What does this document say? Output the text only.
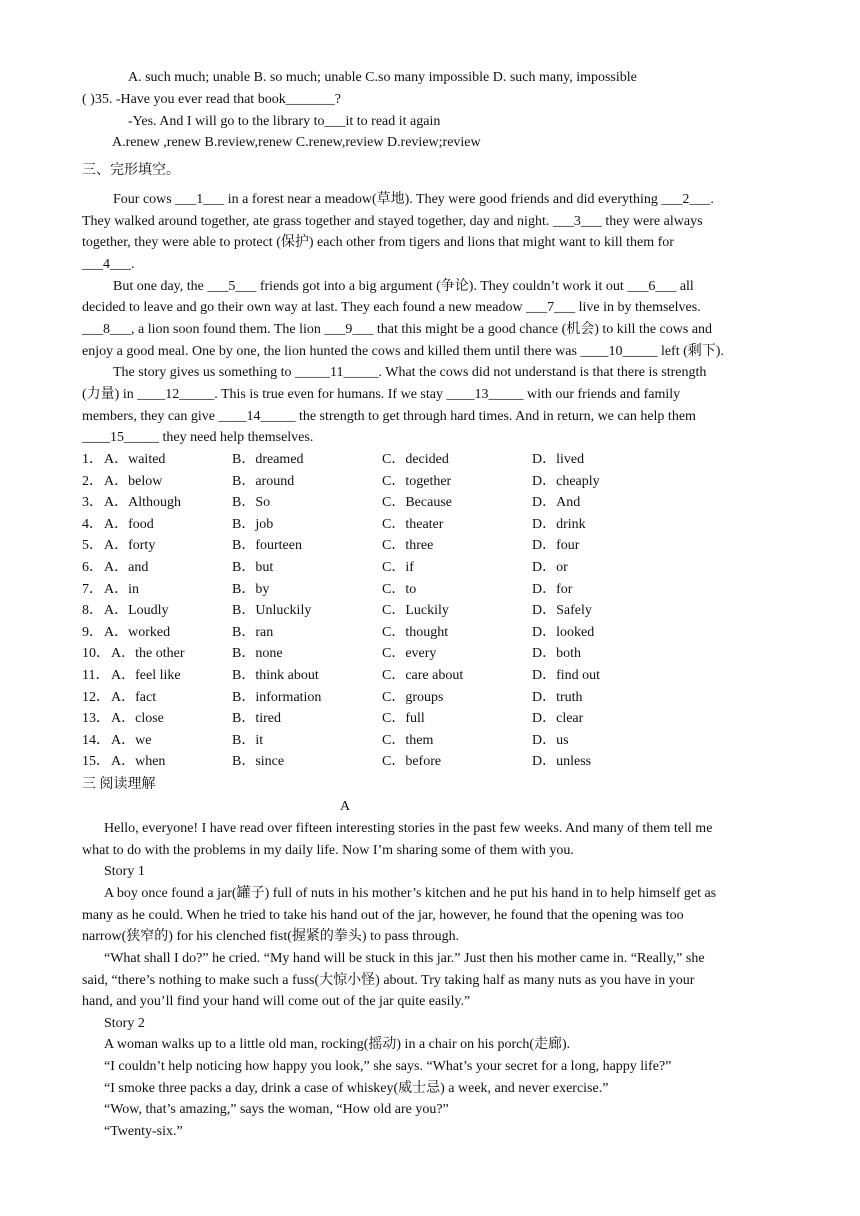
A. such much; unable B. so much; unable C.so many impossible D. such many, impossible
( )35. -Have you ever read that book_______?
-Yes. And I will go to the library to___it to read it again
A.renew ,renew B.review,renew C.renew,review D.review;review
三、完形填空。
Four cows ___1___ in a forest near a meadow(草地). They were good friends and did everything ___2___.
They walked around together, ate grass together and stayed together, day and night. ___3___ they were always
together, they were able to protect (保护) each other from tigers and lions that might want to kill them for
___4___.
But one day, the ___5___ friends got into a big argument (争论). They couldn’t work it out ___6___ all
decided to leave and go their own way at last. They each found a new meadow ___7___ live in by themselves.
___8___, a lion soon found them. The lion ___9___ that this might be a good chance (机会) to kill the cows and
enjoy a good meal. One by one, the lion hunted the cows and killed them until there was ____10_____ left (剩下).
The story gives us something to _____11_____. What the cows did not understand is that there is strength
(力量) in ____12_____. This is true even for humans. If we stay ____13_____ with our friends and family
members, they can give ____14_____ the strength to get through hard times. And in return, we can help them
____15_____ they need help themselves.
1． A．waited	B．dreamed	C．decided	D．lived
2． A．below	B．around	C．together	D．cheaply
3． A．Although	B．So	C．Because	D．And
4． A．food	B．job	C．theater	D．drink
5． A．forty	B．fourteen	C．three	D．four
6． A．and	B．but	C．if	D．or
7． A．in	B．by	C．to	D．for
8． A．Loudly	B．Unluckily	C．Luckily	D．Safely
9． A．worked	B．ran	C．thought	D．looked
10． A．the other	B．none	C．every	D．both
11． A．feel like	B．think about	C．care about	D．find out
12． A．fact	B．information	C．groups	D．truth
13． A．close	B．tired	C．full	D．clear
14． A．we	B．it	C．them	D．us
15． A．when	B．since	C．before	D．unless
三 阅读理解
A
Hello, everyone! I have read over fifteen interesting stories in the past few weeks. And many of them tell me
what to do with the problems in my daily life. Now I’m sharing some of them with you.
Story 1
A boy once found a jar(罐子) full of nuts in his mother’s kitchen and he put his hand in to help himself get as
many as he could. When he tried to take his hand out of the jar, however, he found that the opening was too
narrow(狭窄的) for his clenched fist(握紧的拳头) to pass through.
“What shall I do?” he cried. “My hand will be stuck in this jar.” Just then his mother came in. “Really,” she
said, “there’s nothing to make such a fuss(大惊小怪) about. Try taking half as many nuts as you have in your
hand, and you’ll find your hand will come out of the jar quite easily.”
Story 2
A woman walks up to a little old man, rocking(摇动) in a chair on his porch(走廊).
“I couldn’t help noticing how happy you look,” she says. “What’s your secret for a long, happy life?”
“I smoke three packs a day, drink a case of whiskey(威士忌) a week, and never exercise.”
“Wow, that’s amazing,” says the woman, “How old are you?”
“Twenty-six.”
